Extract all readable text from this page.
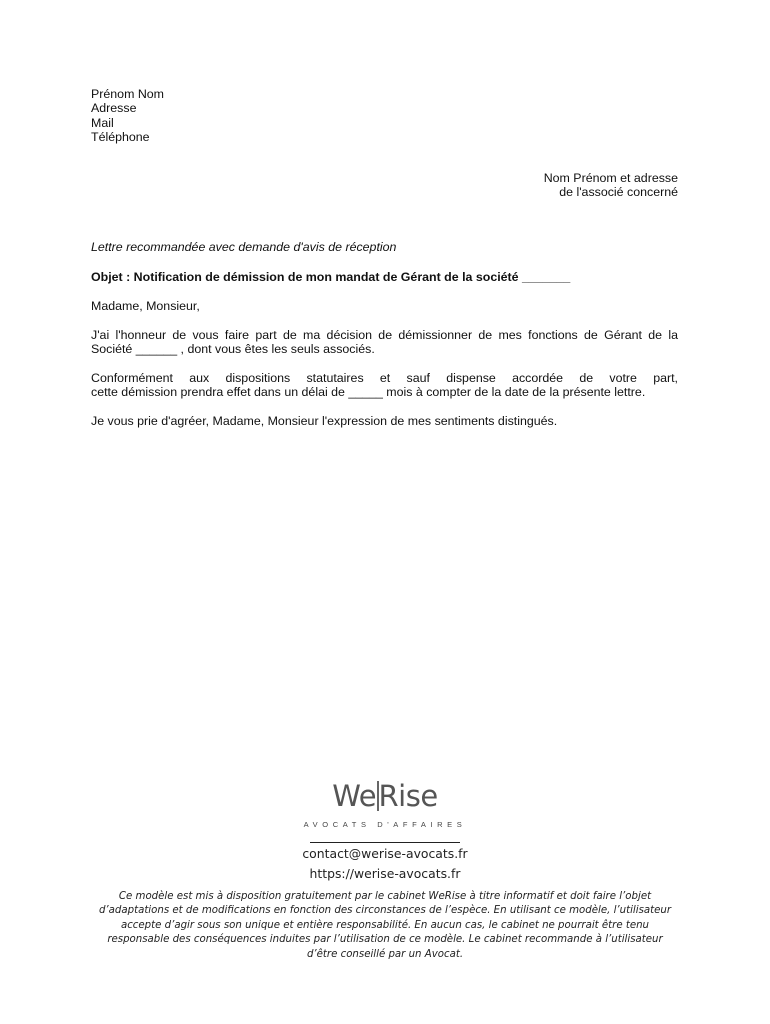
Prénom Nom
Adresse
Mail
Téléphone
Nom Prénom et adresse
de l'associé concerné
Lettre recommandée avec demande d'avis de réception
Objet : Notification de démission de mon mandat de Gérant de la société _______
Madame, Monsieur,
J'ai l'honneur de vous faire part de ma décision de démissionner de mes fonctions de Gérant de la
Société ______ , dont vous êtes les seuls associés.
Conformément aux dispositions statutaires et sauf dispense accordée de votre part,
cette démission prendra effet dans un délai de _____ mois à compter de la date de la présente lettre.
Je vous prie d'agréer, Madame, Monsieur l'expression de mes sentiments distingués.
WeRise
AVOCATS D'AFFAIRES
contact@werise-avocats.fr
https://werise-avocats.fr
Ce modèle est mis à disposition gratuitement par le cabinet WeRise à titre informatif et doit faire l’objet
d’adaptations et de modifications en fonction des circonstances de l’espèce. En utilisant ce modèle, l’utilisateur
accepte d’agir sous son unique et entière responsabilité. En aucun cas, le cabinet ne pourrait être tenu
responsable des conséquences induites par l’utilisation de ce modèle. Le cabinet recommande à l’utilisateur
d’être conseillé par un Avocat.
